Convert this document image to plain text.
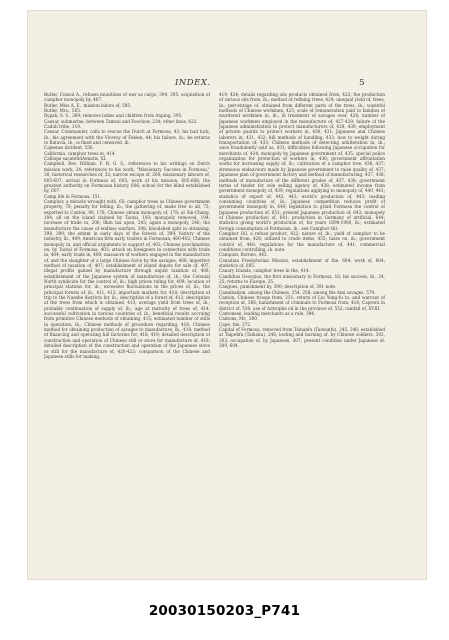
INDEX.	5

Butler, Consul A., refuses munitions of war as cargo, 394, 395; acquisition of camphor monopoly by, 407.

Butler, Miss A. E., mission labors of, 595.

Butler, Mrs., 565.

Bypah, S. S., 369; removes ladies and children from Anping, 395.

Caesar, submarine, between Tamsui and Foochow, 234; other lines, 622.

Caduli tribe, 119.

Caesar, Commander, calls to rescue the Dutch at Formosa, 43; his bad luck, ib.; his agreement with the Viceroy of Fokien, 44; his failure, ib.; he returns to Batavia, ib.; is fined and censured, ib.

Cajeenas incident, 556.

California, camphor trees in, 414.

Calliope sacatetidAenatis, XI.

Campbell, Rev. William, F. R. G. S., references to his writings on Dutch mission work, 24; references to his work, "Missionary Success in Formosa," 30; historical researches of, 32; narrow escape of, 200; missionary labours of, 605-607; arrival in Formosa of, 605; work of his mission, 605-608; the greatest authority on Formosan history, 606; school for the blind established by, 607.

Camp life in Formosa, 151.

Camphor, a miracle wrought with, 65; camphor trees as Chinese government property, 70; penalty for felling, ib.; the gathering of, made free to all, 73; exported to Canton, 90, 178; Chinese obtain monopoly of, 178; at Sin-Chang, 184; all on the island claimed by Taotai, 193; monopoly removed, 194; increase of trade in, 206; Ilkin tax upon, 245; again a monopoly, 246; the manufacture the cause of endless warfare, 398; bloodshed split in obtaining, 398, 399; the extent in early days of the forests of, 399; history of the industry, ib., 409; American firm early traders in Formosan, 400-402; Chinese monopoly in, and official arguments to support of, 403; Chinese proclamation on, by Taotai of Formosa, 403; attack on foreigners in connection with trade in, 404; early trade in, 400; massacre of workers engaged in the manufacture of, and the slaughter of a large Chinese force by the savages, 406; imperfect method of taxation of, 407; establishment of island depots for sale of, 407; illegal profits gained by manufacture through unjust taxation of, 408; establishment of the Japanese system of manufacture of, ib.; the Colonial North syndicate for the control of, ib.; high prices ruling for, 409; location of principal stations for, ib.; excessive fluctuations in the prices of, ib.; the principal forests of, ib., 411, 412; important markets for, 410; description of trip to the Nanshe districts for, ib.; description of a forest of, 412; description of the trees from which is obtained, 413; average yield from trees of, ib.; probable continuation of supply of, ib.; age at maturity of trees of, 414; successful cultivation in various countries of, ib.; beneficial results accruing from primitive Chinese methods of obtaining, 415; estimated number of stills in operation, ib.; Chinese methods of procedure regarding, 416; Chinese method for obtaining production of savages to manufacture, ib., 418; method of financing and operating hill factories for, 418, 419; detailed description of construction and operation of Chinese still or stove for manufacture of, 419; detailed description of the construction and operation of the Japanese stove or still for the manufacture of, 420-422; comparison of the Chinese and Japanese stills for making,

419, 424; details regarding oils products obtained from, 422; the production of various oils from, ib.; method of refining trees, 424; unequal yield of, trees, ib.; percentage of, obtained from different parts of the trees, ib.; wasteful methods of Chinese workmen, 425; scale of remuneration paid to families of murdered workmen in, ib.; ill treatment of savages over, 426; number of Japanese workmen employed in the manufacture of, 427-429; failure of the Japanese administration to protect manufacturers of, 428, 430; employment of private guards to protect workers in, 430, 431; Japanese and Chinese laborers in, 431, 432; hill methods of handling, 433; how to weight during transportation of, 433; Chinese methods of detecting adulteration in, ib.; once fraudulently sold as, 433; difficulties following Japanese occupation for merchants of, 434; monopoly by Japanese government of, 435; special police organization for protection of workers in, 436; government affrontation works for increasing supply of, ib.; cultivation of a camphor tree, 436, 437; strenuous endeavours made by Japanese government to raise quality of, 437; Japanese plan of government factory and method of manufacturing, 437, 438; methods of manufacture of the different grades of, 437, 438; government terms of tender for sole selling agency of, 438; estimated income from government monopoly of, 439; regulations applying to monopoly of, 440, 441; statistics of export of, 442, 443; world's production of, 443; leading consuming countries of, ib.; Japanese competition reduces profit of government monopoly in, 649; legislation to grant Formosa the control of Japanese production of, 651; present Japanese production of, 643; monopoly of Chinese production of, 641; production in Germany of artificial, 644; statistics giving world's production of, for years 1898-1900, ib.; estimated foreign consumption of Formosan, ib., see Camphor Oil.

Camphor Oil, a refuse product, 422; nature of, ib.; yield of camphor to be obtained from, 428; utilized to crude items, 435; taxes on, ib.; government control of, 440; regulations for the manufacture of, 441; commercial conditions controlling, ib. note.

Campion, Borneo, 443.

Canadian Presbyterian Mission, establishment of the, 604; work of, 604; statistics of, 605.

Canary Islands, camphor trees in the, 414.

Candidius Georgius, the first missionary to Formosa, 16; his success, ib., 24, 25; returns to Europe, 25.

Cangues, punishment by, 390; description of, 391 note.

Cannibalism, among the Chinese, 254, 258; among the Ami savages, 579.

Canton, Chinese troops from, 231; return of Liu Yung-fu to, and warrant of reception at, 366; banishment of criminals to Formosa from, 416; Caprera in district of, 536; use of Antrophe oil in the province of, 552; rainfall of, XVIII.

Cantonese, leading merchants as a rule, 394.

Cantons, Mr., 300.

Cape, the, 372.

Capital of Formosa, removed from Tainanfu (Taiwanfu), 245, 246; established at Taipehfu (Taihoku), 246; looting and burning of, by Chinese soldiers, 302, 303; occupation of, by Japanese, 307; present condition under Japanese of, 309, 604.

20030150203_P741
